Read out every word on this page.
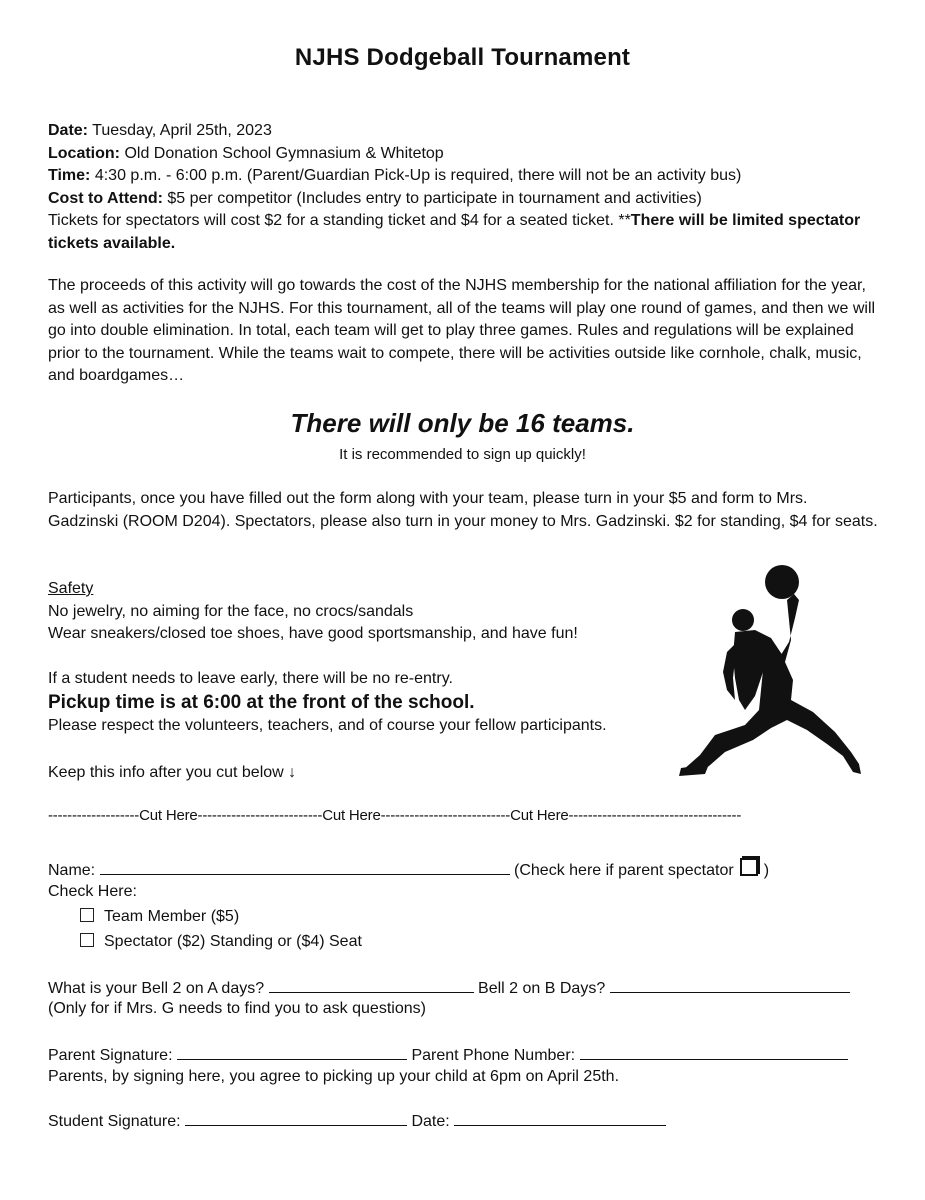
NJHS Dodgeball Tournament
Date: Tuesday, April 25th, 2023
Location: Old Donation School Gymnasium & Whitetop
Time: 4:30 p.m. - 6:00 p.m. (Parent/Guardian Pick-Up is required, there will not be an activity bus)
Cost to Attend: $5 per competitor (Includes entry to participate in tournament and activities)
Tickets for spectators will cost $2 for a standing ticket and $4 for a seated ticket. **There will be limited spectator tickets available.
The proceeds of this activity will go towards the cost of the NJHS membership for the national affiliation for the year, as well as activities for the NJHS. For this tournament, all of the teams will play one round of games, and then we will go into double elimination. In total, each team will get to play three games. Rules and regulations will be explained prior to the tournament. While the teams wait to compete, there will be activities outside like cornhole, chalk, music, and boardgames…
There will only be 16 teams.
It is recommended to sign up quickly!
Participants, once you have filled out the form along with your team, please turn in your $5 and form to Mrs. Gadzinski (ROOM D204). Spectators, please also turn in your money to Mrs. Gadzinski. $2 for standing, $4 for seats.
Safety
No jewelry, no aiming for the face, no crocs/sandals
Wear sneakers/closed toe shoes, have good sportsmanship, and have fun!
If a student needs to leave early, there will be no re-entry.
Pickup time is at 6:00 at the front of the school.
Please respect the volunteers, teachers, and of course your fellow participants.
Keep this info after you cut below ↓
-------------------Cut Here--------------------------Cut Here---------------------------Cut Here------------------------------------
Name:	(Check here if parent spectator )
Check Here:
Team Member ($5)
Spectator ($2) Standing or ($4) Seat
What is your Bell 2 on A days?	Bell 2 on B Days?
(Only for if Mrs. G needs to find you to ask questions)
Parent Signature:	Parent Phone Number:
Parents, by signing here, you agree to picking up your child at 6pm on April 25th.
Student Signature:	Date:
